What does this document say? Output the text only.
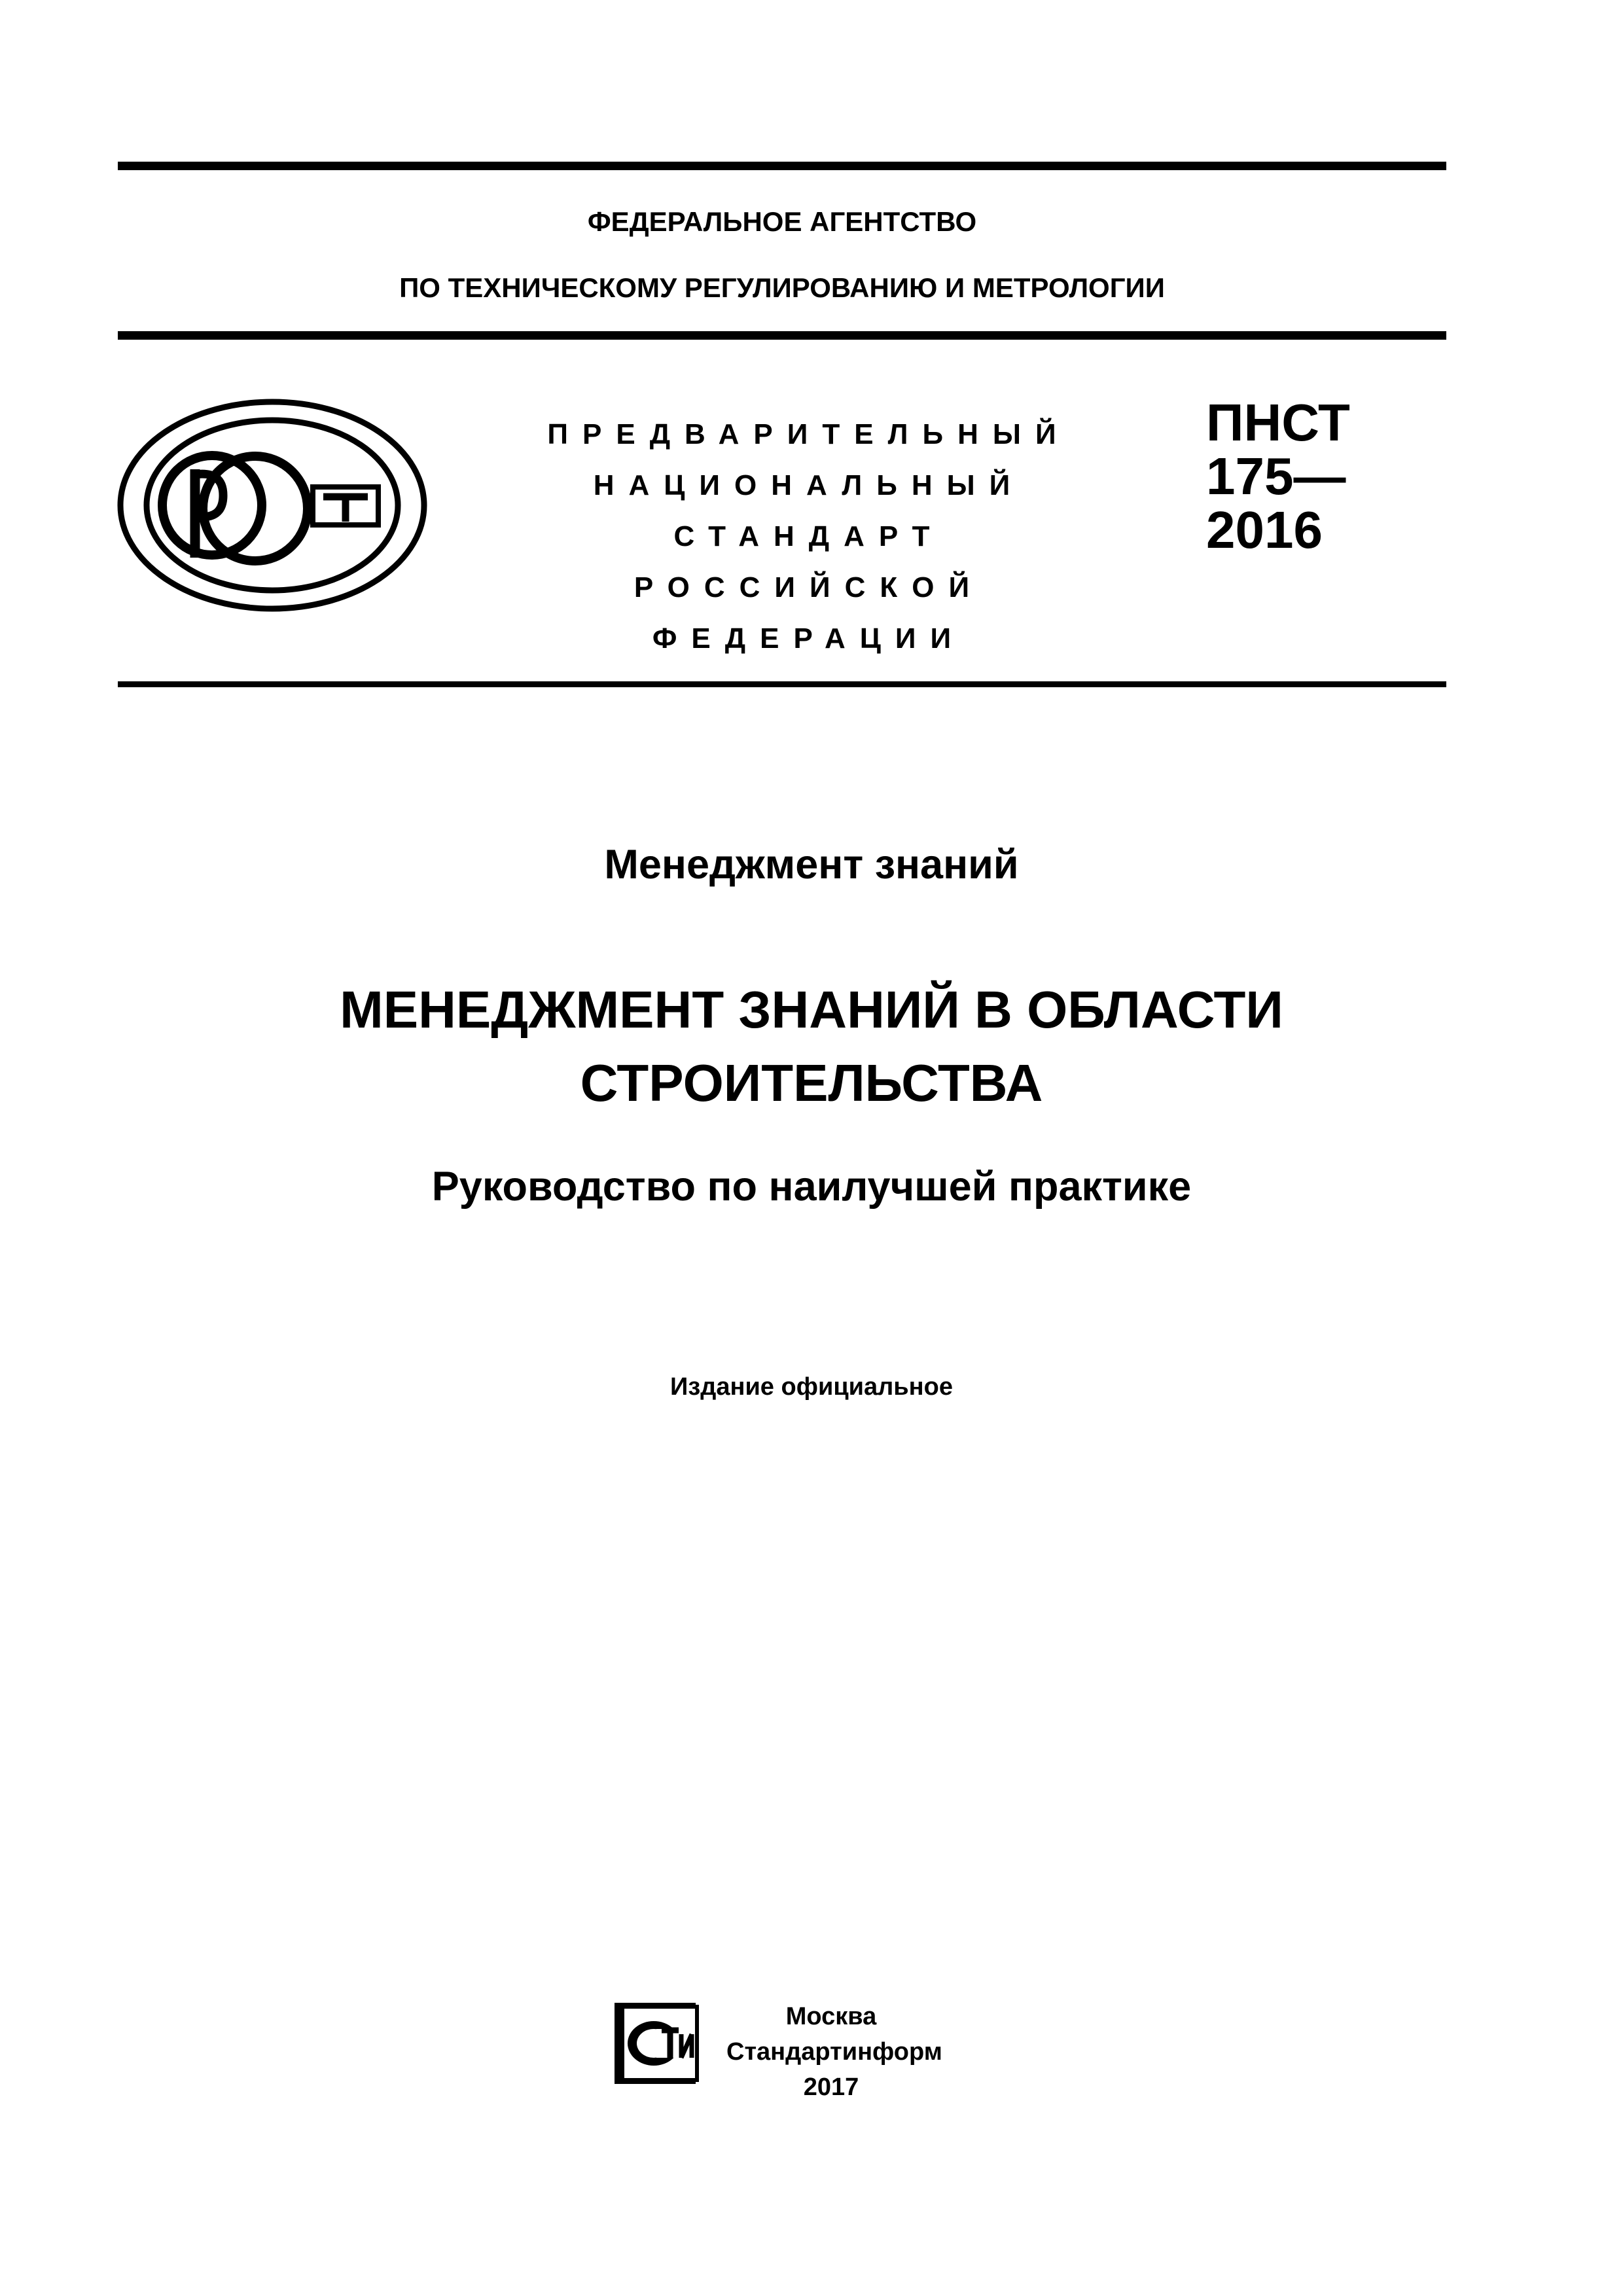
ФЕДЕРАЛЬНОЕ АГЕНТСТВО
ПО ТЕХНИЧЕСКОМУ РЕГУЛИРОВАНИЮ И МЕТРОЛОГИИ
ПРЕДВАРИТЕЛЬНЫЙ
НАЦИОНАЛЬНЫЙ
СТАНДАРТ
РОССИЙСКОЙ
ФЕДЕРАЦИИ
ПНСТ
175—
2016
Менеджмент знаний
МЕНЕДЖМЕНТ ЗНАНИЙ В ОБЛАСТИ
СТРОИТЕЛЬСТВА
Руководство по наилучшей практике
Издание официальное
Москва
Стандартинформ
2017
